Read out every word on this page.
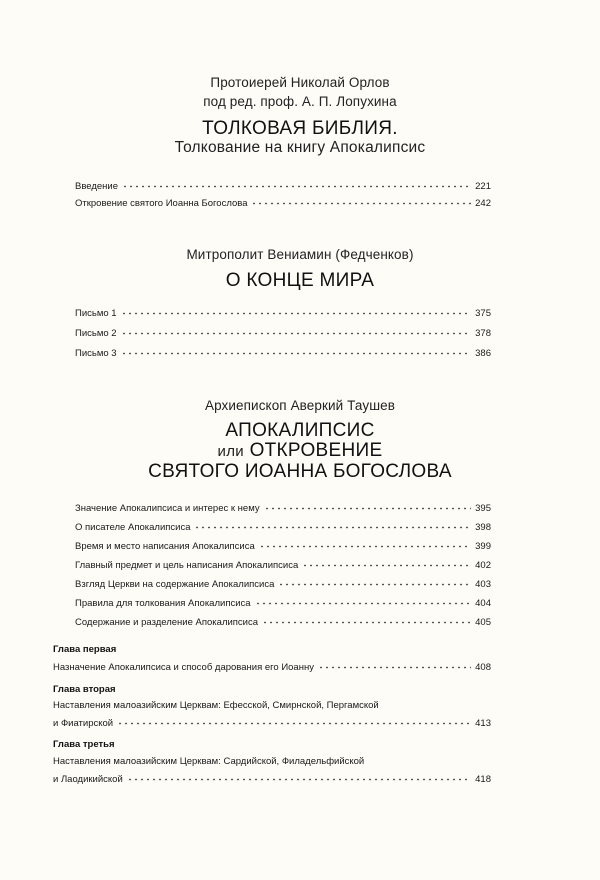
Протоиерей Николай Орлов
под ред. проф. А. П. Лопухина
ТОЛКОВАЯ БИБЛИЯ.
Толкование на книгу Апокалипсис
Введение	221
Откровение святого Иоанна Богослова	242
Митрополит Вениамин (Федченков)
О КОНЦЕ МИРА
Письмо 1	375
Письмо 2	378
Письмо 3	386
Архиепископ Аверкий Таушев
АПОКАЛИПСИС
или ОТКРОВЕНИЕ
СВЯТОГО ИОАННА БОГОСЛОВА
Значение Апокалипсиса и интерес к нему	395
О писателе Апокалипсиса	398
Время и место написания Апокалипсиса	399
Главный предмет и цель написания Апокалипсиса	402
Взгляд Церкви на содержание Апокалипсиса	403
Правила для толкования Апокалипсиса	404
Содержание и разделение Апокалипсиса	405
Глава первая
Назначение Апокалипсиса и способ дарования его Иоанну	408
Глава вторая
Наставления малоазийским Церквам: Ефесской, Смирнской, Пергамской
и Фиатирской	413
Глава третья
Наставления малоазийским Церквам: Сардийской, Филадельфийской
и Лаодикийской	418
